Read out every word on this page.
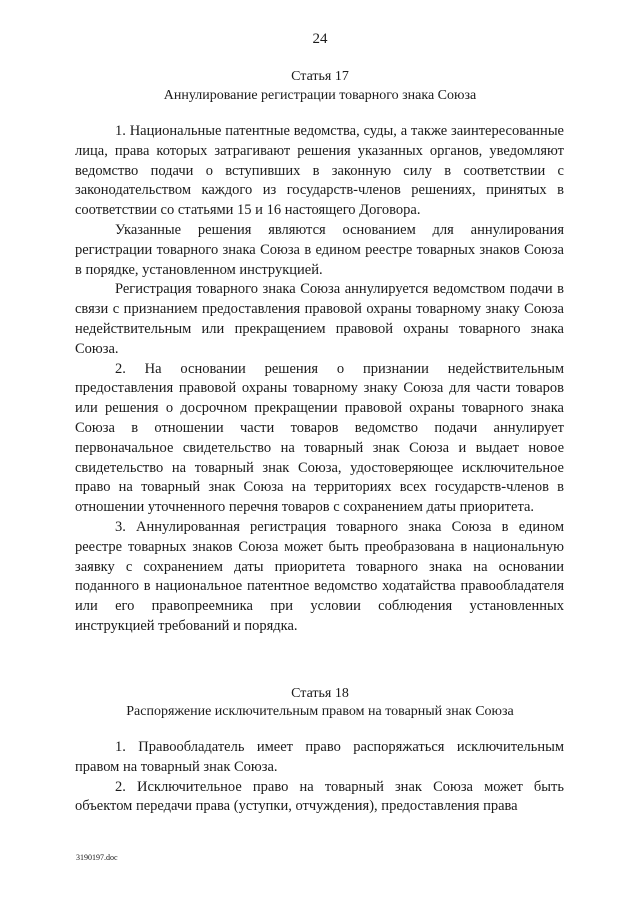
24
Статья 17
Аннулирование регистрации товарного знака Союза

1. Национальные патентные ведомства, суды, а также заинтересованные лица, права которых затрагивают решения указанных органов, уведомляют ведомство подачи о вступивших в законную силу в соответствии с законодательством каждого из государств-членов решениях, принятых в соответствии со статьями 15 и 16 настоящего Договора.

Указанные решения являются основанием для аннулирования регистрации товарного знака Союза в едином реестре товарных знаков Союза в порядке, установленном инструкцией.

Регистрация товарного знака Союза аннулируется ведомством подачи в связи с признанием предоставления правовой охраны товарному знаку Союза недействительным или прекращением правовой охраны товарного знака Союза.

2. На основании решения о признании недействительным предоставления правовой охраны товарному знаку Союза для части товаров или решения о досрочном прекращении правовой охраны товарного знака Союза в отношении части товаров ведомство подачи аннулирует первоначальное свидетельство на товарный знак Союза и выдает новое свидетельство на товарный знак Союза, удостоверяющее исключительное право на товарный знак Союза на территориях всех государств-членов в отношении уточненного перечня товаров с сохранением даты приоритета.

3. Аннулированная регистрация товарного знака Союза в едином реестре товарных знаков Союза может быть преобразована в национальную заявку с сохранением даты приоритета товарного знака на основании поданного в национальное патентное ведомство ходатайства правообладателя или его правопреемника при условии соблюдения установленных инструкцией требований и порядка.

Статья 18
Распоряжение исключительным правом на товарный знак Союза

1. Правообладатель имеет право распоряжаться исключительным правом на товарный знак Союза.

2. Исключительное право на товарный знак Союза может быть объектом передачи права (уступки, отчуждения), предоставления права

3190197.doc
